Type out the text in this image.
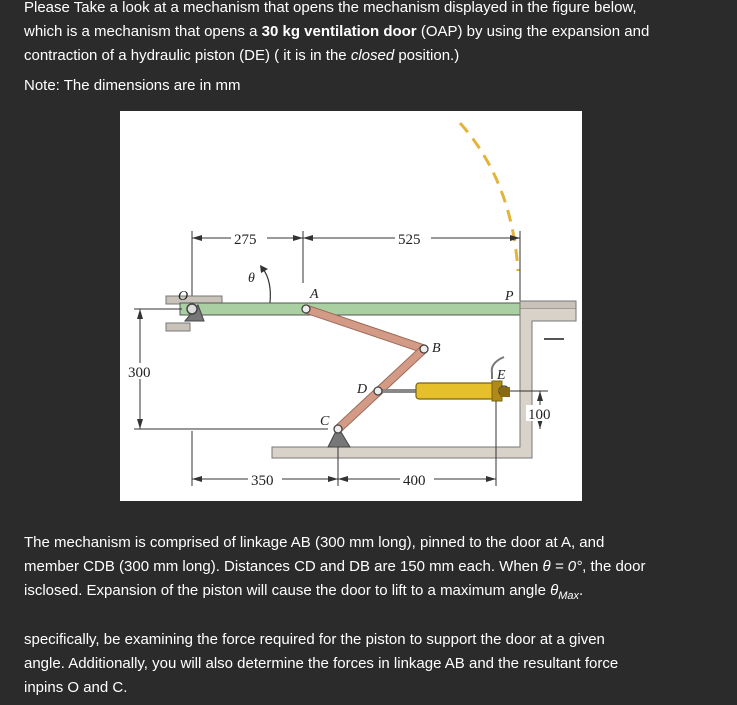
Please Take a look at a mechanism that opens the mechanism displayed in the figure below,
which is a mechanism that opens a 30 kg ventilation door (OAP) by using the expansion and
contraction of a hydraulic piston (DE) ( it is in the closed position.)

Note: The dimensions are in mm

275	525
θ
O	A	P
B
E
D
C
300
100
350	400

The mechanism is comprised of linkage AB (300 mm long), pinned to the door at A, and
member CDB (300 mm long). Distances CD and DB are 150 mm each. When θ = 0°, the door
isclosed. Expansion of the piston will cause the door to lift to a maximum angle $\theta_{Max}$.

specifically, be examining the force required for the piston to support the door at a given
angle. Additionally, you will also determine the forces in linkage AB and the resultant force
inpins O and C.
